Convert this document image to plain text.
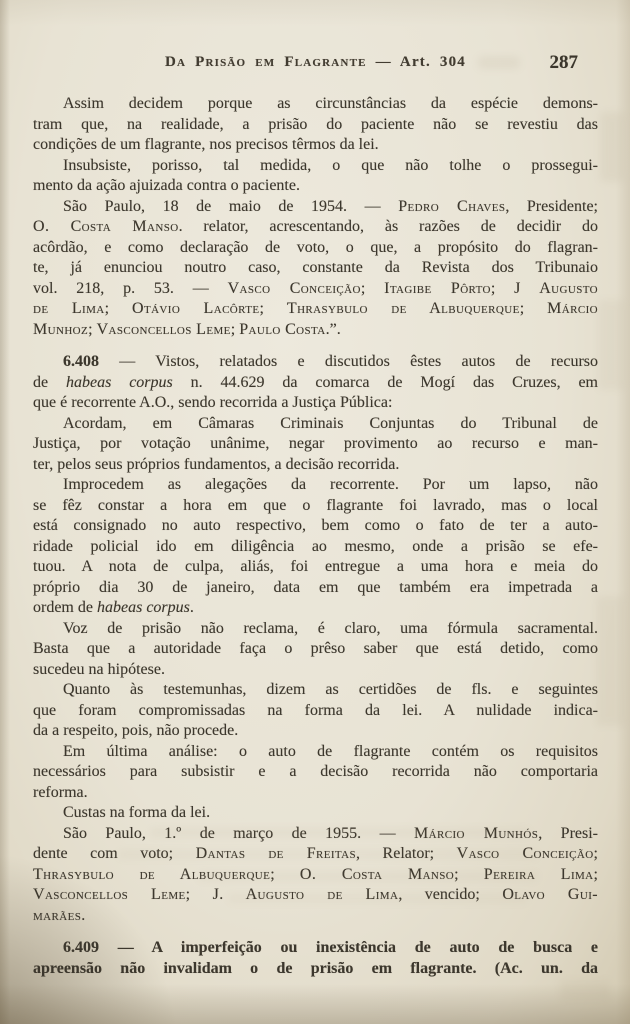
Da Prisão em Flagrante — Art. 304	287
Assim decidem porque as circunstâncias da espécie demons-
tram que, na realidade, a prisão do paciente não se revestiu das
condições de um flagrante, nos precisos têrmos da lei.
Insubsiste, porisso, tal medida, o que não tolhe o prossegui-
mento da ação ajuizada contra o paciente.
São Paulo, 18 de maio de 1954. — Pedro Chaves, Presidente;
O. Costa Manso. relator, acrescentando, às razões de decidir do
acôrdão, e como declaração de voto, o que, a propósito do flagran-
te, já enunciou noutro caso, constante da Revista dos Tribunaio
vol. 218, p. 53. — Vasco Conceição; Itagibe Pôrto; J Augusto
de Lima; Otávio Lacôrte; Thrasybulo de Albuquerque; Márcio
Munhoz; Vasconcellos Leme; Paulo Costa.”.
6.408 — Vistos, relatados e discutidos êstes autos de recurso
de habeas corpus n. 44.629 da comarca de Mogí das Cruzes, em
que é recorrente A.O., sendo recorrida a Justiça Pública:
Acordam, em Câmaras Criminais Conjuntas do Tribunal de
Justiça, por votação unânime, negar provimento ao recurso e man-
ter, pelos seus próprios fundamentos, a decisão recorrida.
Improcedem as alegações da recorrente. Por um lapso, não
se fêz constar a hora em que o flagrante foi lavrado, mas o local
está consignado no auto respectivo, bem como o fato de ter a auto-
ridade policial ido em diligência ao mesmo, onde a prisão se efe-
tuou. A nota de culpa, aliás, foi entregue a uma hora e meia do
próprio dia 30 de janeiro, data em que também era impetrada a
ordem de habeas corpus.
Voz de prisão não reclama, é claro, uma fórmula sacramental.
Basta que a autoridade faça o prêso saber que está detido, como
sucedeu na hipótese.
Quanto às testemunhas, dizem as certidões de fls. e seguintes
que foram compromissadas na forma da lei. A nulidade indica-
da a respeito, pois, não procede.
Em última análise: o auto de flagrante contém os requisitos
necessários para subsistir e a decisão recorrida não comportaria
reforma.
Custas na forma da lei.
São Paulo, 1.º de março de 1955. — Márcio Munhós, Presi-
dente com voto; Dantas de Freitas, Relator; Vasco Conceição;
Thrasybulo de Albuquerque; O. Costa Manso; Pereira Lima;
Vasconcellos Leme; J. Augusto de Lima, vencido; Olavo Gui-
marães.
6.409 — A imperfeição ou inexistência de auto de busca e
apreensão não invalidam o de prisão em flagrante. (Ac. un. da
